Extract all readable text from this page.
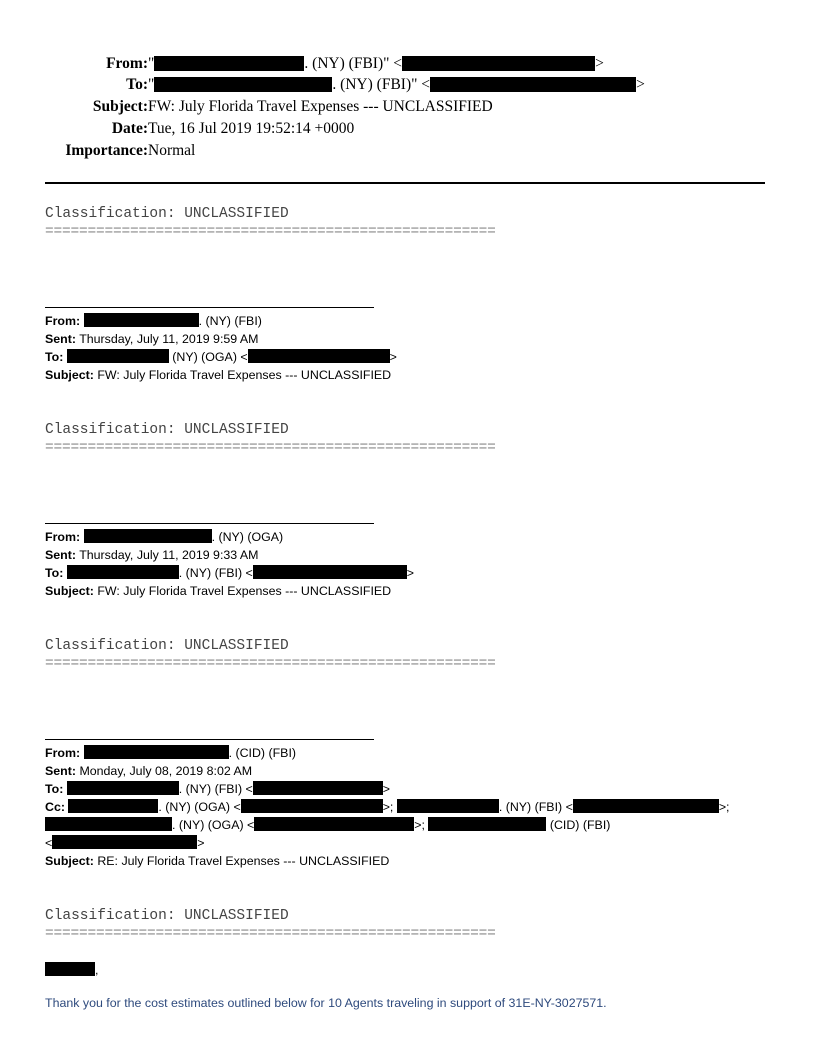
From: "	. (NY) (FBI)" <	>
To: "	. (NY) (FBI)" <	>
Subject: FW: July Florida Travel Expenses --- UNCLASSIFIED
Date: Tue, 16 Jul 2019 19:52:14 +0000
Importance: Normal
Classification: UNCLASSIFIED
=====================================================
From:	. (NY) (FBI)
Sent: Thursday, July 11, 2019 9:59 AM
To:	(NY) (OGA) <	>
Subject: FW: July Florida Travel Expenses --- UNCLASSIFIED
Classification: UNCLASSIFIED
=====================================================
From:	. (NY) (OGA)
Sent: Thursday, July 11, 2019 9:33 AM
To:	. (NY) (FBI) <	>
Subject: FW: July Florida Travel Expenses --- UNCLASSIFIED
Classification: UNCLASSIFIED
=====================================================
From:	. (CID) (FBI)
Sent: Monday, July 08, 2019 8:02 AM
To:	. (NY) (FBI) <	>
Cc:	. (NY) (OGA) <	>;	. (NY) (FBI) <	>;
. (NY) (OGA) <	>;	(CID) (FBI)
<	>
Subject: RE: July Florida Travel Expenses --- UNCLASSIFIED
Classification: UNCLASSIFIED
=====================================================
,
Thank you for the cost estimates outlined below for 10 Agents traveling in support of 31E-NY-3027571.
